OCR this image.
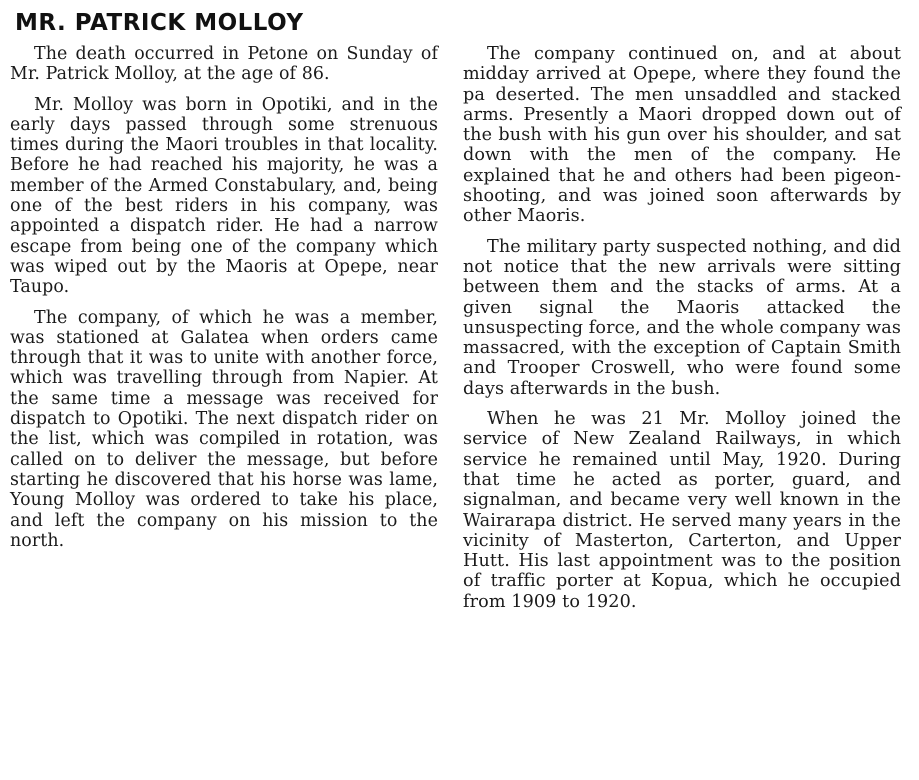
MR. PATRICK MOLLOY

The death occurred in Petone on Sunday of Mr. Patrick Molloy, at the age of 86.

Mr. Molloy was born in Opotiki, and in the early days passed through some strenuous times during the Maori troubles in that locality. Before he had reached his majority, he was a member of the Armed Constabulary, and, being one of the best riders in his company, was appointed a dispatch rider. He had a narrow escape from being one of the company which was wiped out by the Maoris at Opepe, near Taupo.

The company, of which he was a member, was stationed at Galatea when orders came through that it was to unite with another force, which was travelling through from Napier. At the same time a message was received for dispatch to Opotiki. The next dispatch rider on the list, which was compiled in rotation, was called on to deliver the message, but before starting he discovered that his horse was lame, Young Molloy was ordered to take his place, and left the company on his mission to the north.

The company continued on, and at about midday arrived at Opepe, where they found the pa deserted. The men unsaddled and stacked arms. Presently a Maori dropped down out of the bush with his gun over his shoulder, and sat down with the men of the company. He explained that he and others had been pigeon-shooting, and was joined soon afterwards by other Maoris.

The military party suspected nothing, and did not notice that the new arrivals were sitting between them and the stacks of arms. At a given signal the Maoris attacked the unsuspecting force, and the whole company was massacred, with the exception of Captain Smith and Trooper Croswell, who were found some days afterwards in the bush.

When he was 21 Mr. Molloy joined the service of New Zealand Railways, in which service he remained until May, 1920. During that time he acted as porter, guard, and signalman, and became very well known in the Wairarapa district. He served many years in the vicinity of Masterton, Carterton, and Upper Hutt. His last appointment was to the position of traffic porter at Kopua, which he occupied from 1909 to 1920.
